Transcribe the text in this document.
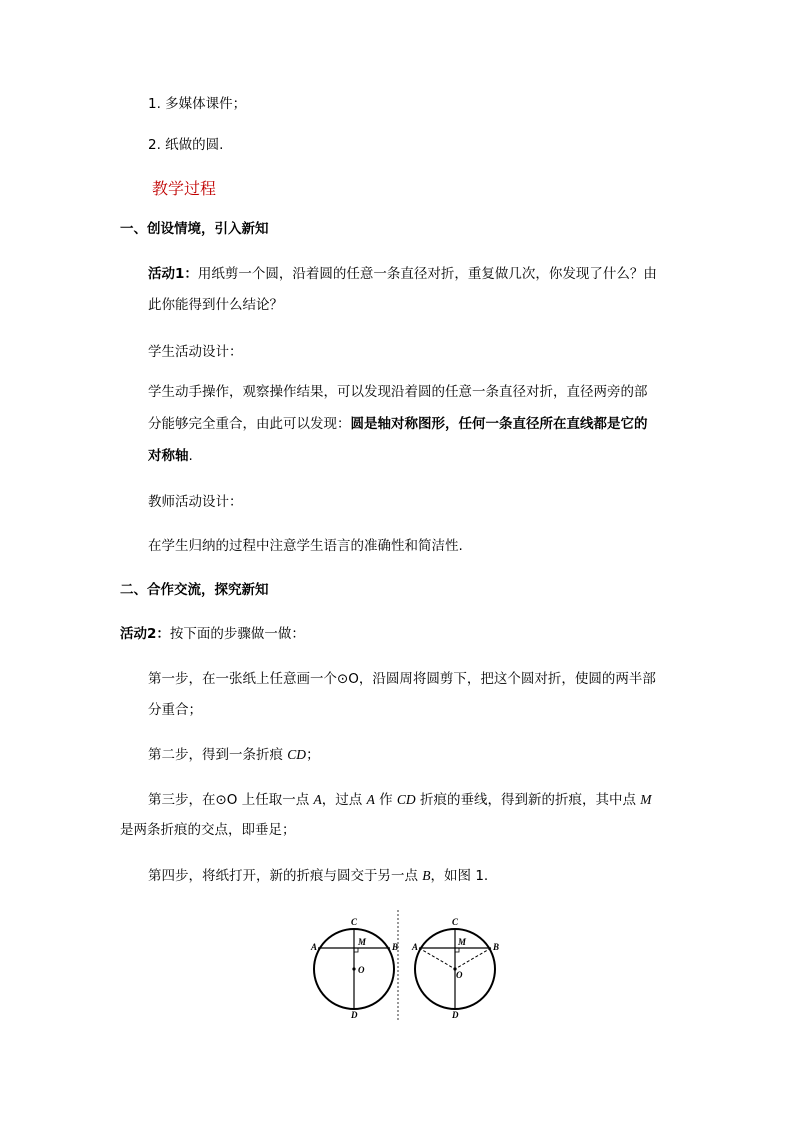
1. 多媒体课件；
2. 纸做的圆.
教学过程
一、创设情境，引入新知
活动1：用纸剪一个圆，沿着圆的任意一条直径对折，重复做几次，你发现了什么？由
此你能得到什么结论？
学生活动设计：
学生动手操作，观察操作结果，可以发现沿着圆的任意一条直径对折，直径两旁的部
分能够完全重合，由此可以发现：圆是轴对称图形，任何一条直径所在直线都是它的
对称轴.
教师活动设计：
在学生归纳的过程中注意学生语言的准确性和简洁性.
二、合作交流，探究新知
活动2：按下面的步骤做一做：
第一步，在一张纸上任意画一个⊙O，沿圆周将圆剪下，把这个圆对折，使圆的两半部
分重合；
第二步，得到一条折痕 CD；
第三步，在⊙O 上任取一点 A，过点 A 作 CD 折痕的垂线，得到新的折痕，其中点 M
是两条折痕的交点，即垂足；
第四步，将纸打开，新的折痕与圆交于另一点 B，如图 1.
A	B
C
D
M
O
A	B
C
D
M
O
